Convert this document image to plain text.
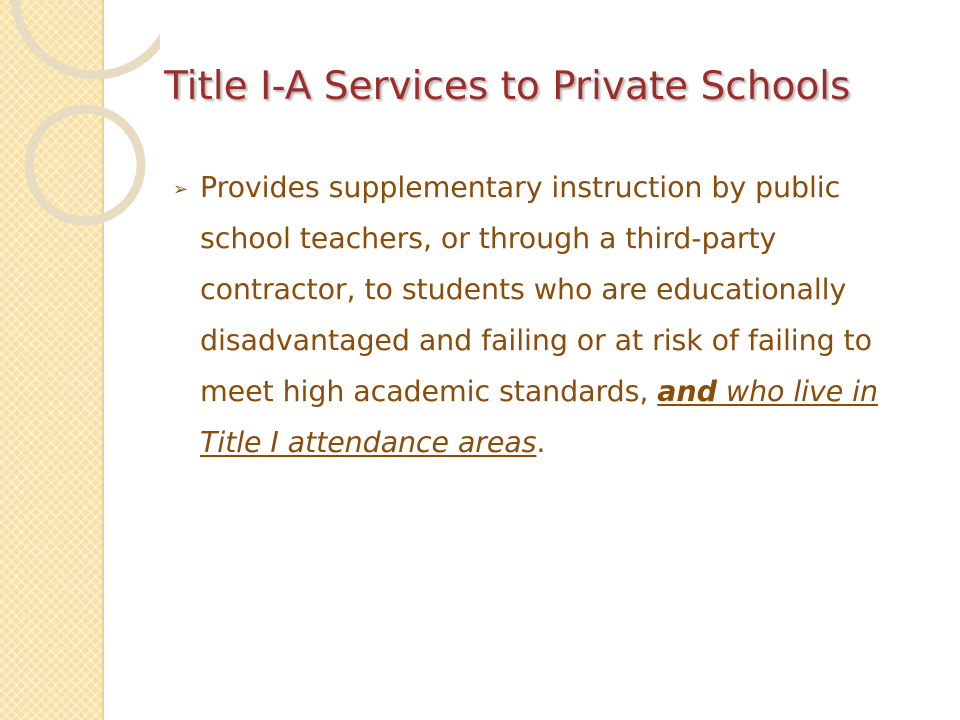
Title I-A Services to Private Schools
➢ Provides supplementary instruction by public school teachers, or through a third-party contractor, to students who are educationally disadvantaged and failing or at risk of failing to meet high academic standards, and who live in Title I attendance areas.
